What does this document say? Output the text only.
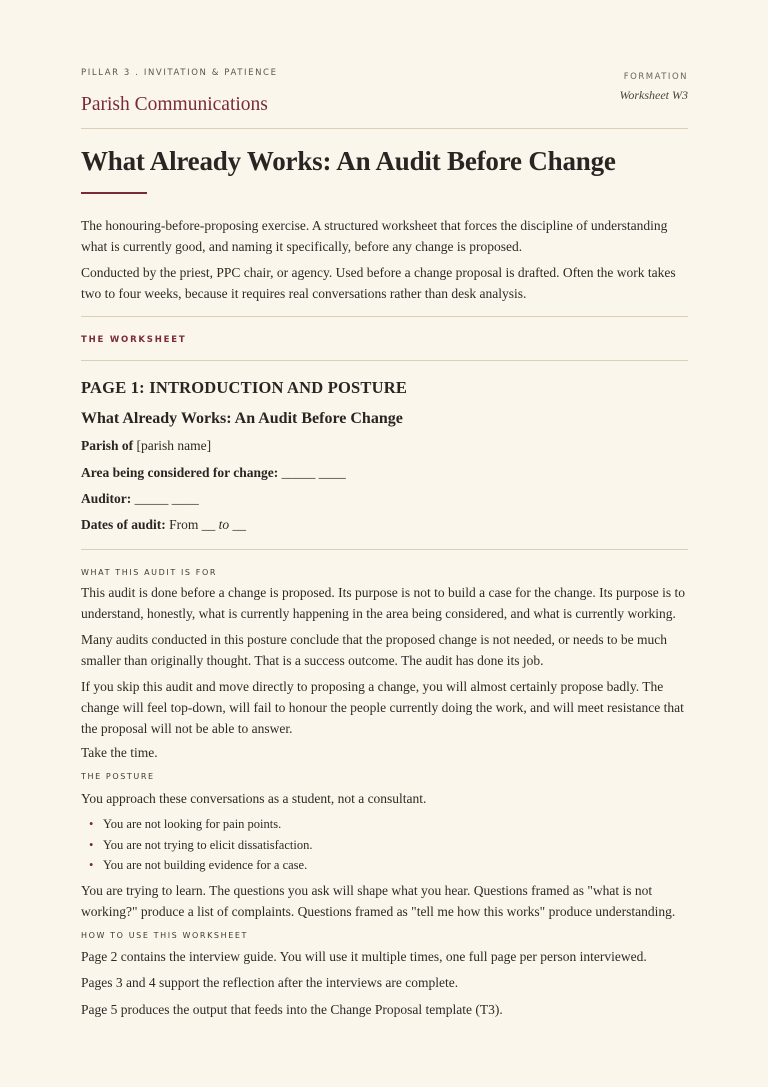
PILLAR 3 . INVITATION & PATIENCE
Parish Communications
FORMATION
Worksheet W3
What Already Works: An Audit Before Change

The honouring-before-proposing exercise. A structured worksheet that forces the discipline of understanding what is currently good, and naming it specifically, before any change is proposed.

Conducted by the priest, PPC chair, or agency. Used before a change proposal is drafted. Often the work takes two to four weeks, because it requires real conversations rather than desk analysis.

THE WORKSHEET
PAGE 1: INTRODUCTION AND POSTURE
What Already Works: An Audit Before Change
Parish of [parish name]
Area being considered for change: _____ ____
Auditor: _____ ____
Dates of audit: From __ to __
WHAT THIS AUDIT IS FOR

This audit is done before a change is proposed. Its purpose is not to build a case for the change. Its purpose is to understand, honestly, what is currently happening in the area being considered, and what is currently working.

Many audits conducted in this posture conclude that the proposed change is not needed, or needs to be much smaller than originally thought. That is a success outcome. The audit has done its job.

If you skip this audit and move directly to proposing a change, you will almost certainly propose badly. The change will feel top-down, will fail to honour the people currently doing the work, and will meet resistance that the proposal will not be able to answer.

Take the time.

THE POSTURE

You approach these conversations as a student, not a consultant.

• You are not looking for pain points.
• You are not trying to elicit dissatisfaction.
• You are not building evidence for a case.

You are trying to learn. The questions you ask will shape what you hear. Questions framed as "what is not working?" produce a list of complaints. Questions framed as "tell me how this works" produce understanding.

HOW TO USE THIS WORKSHEET

Page 2 contains the interview guide. You will use it multiple times, one full page per person interviewed.

Pages 3 and 4 support the reflection after the interviews are complete.

Page 5 produces the output that feeds into the Change Proposal template (T3).
